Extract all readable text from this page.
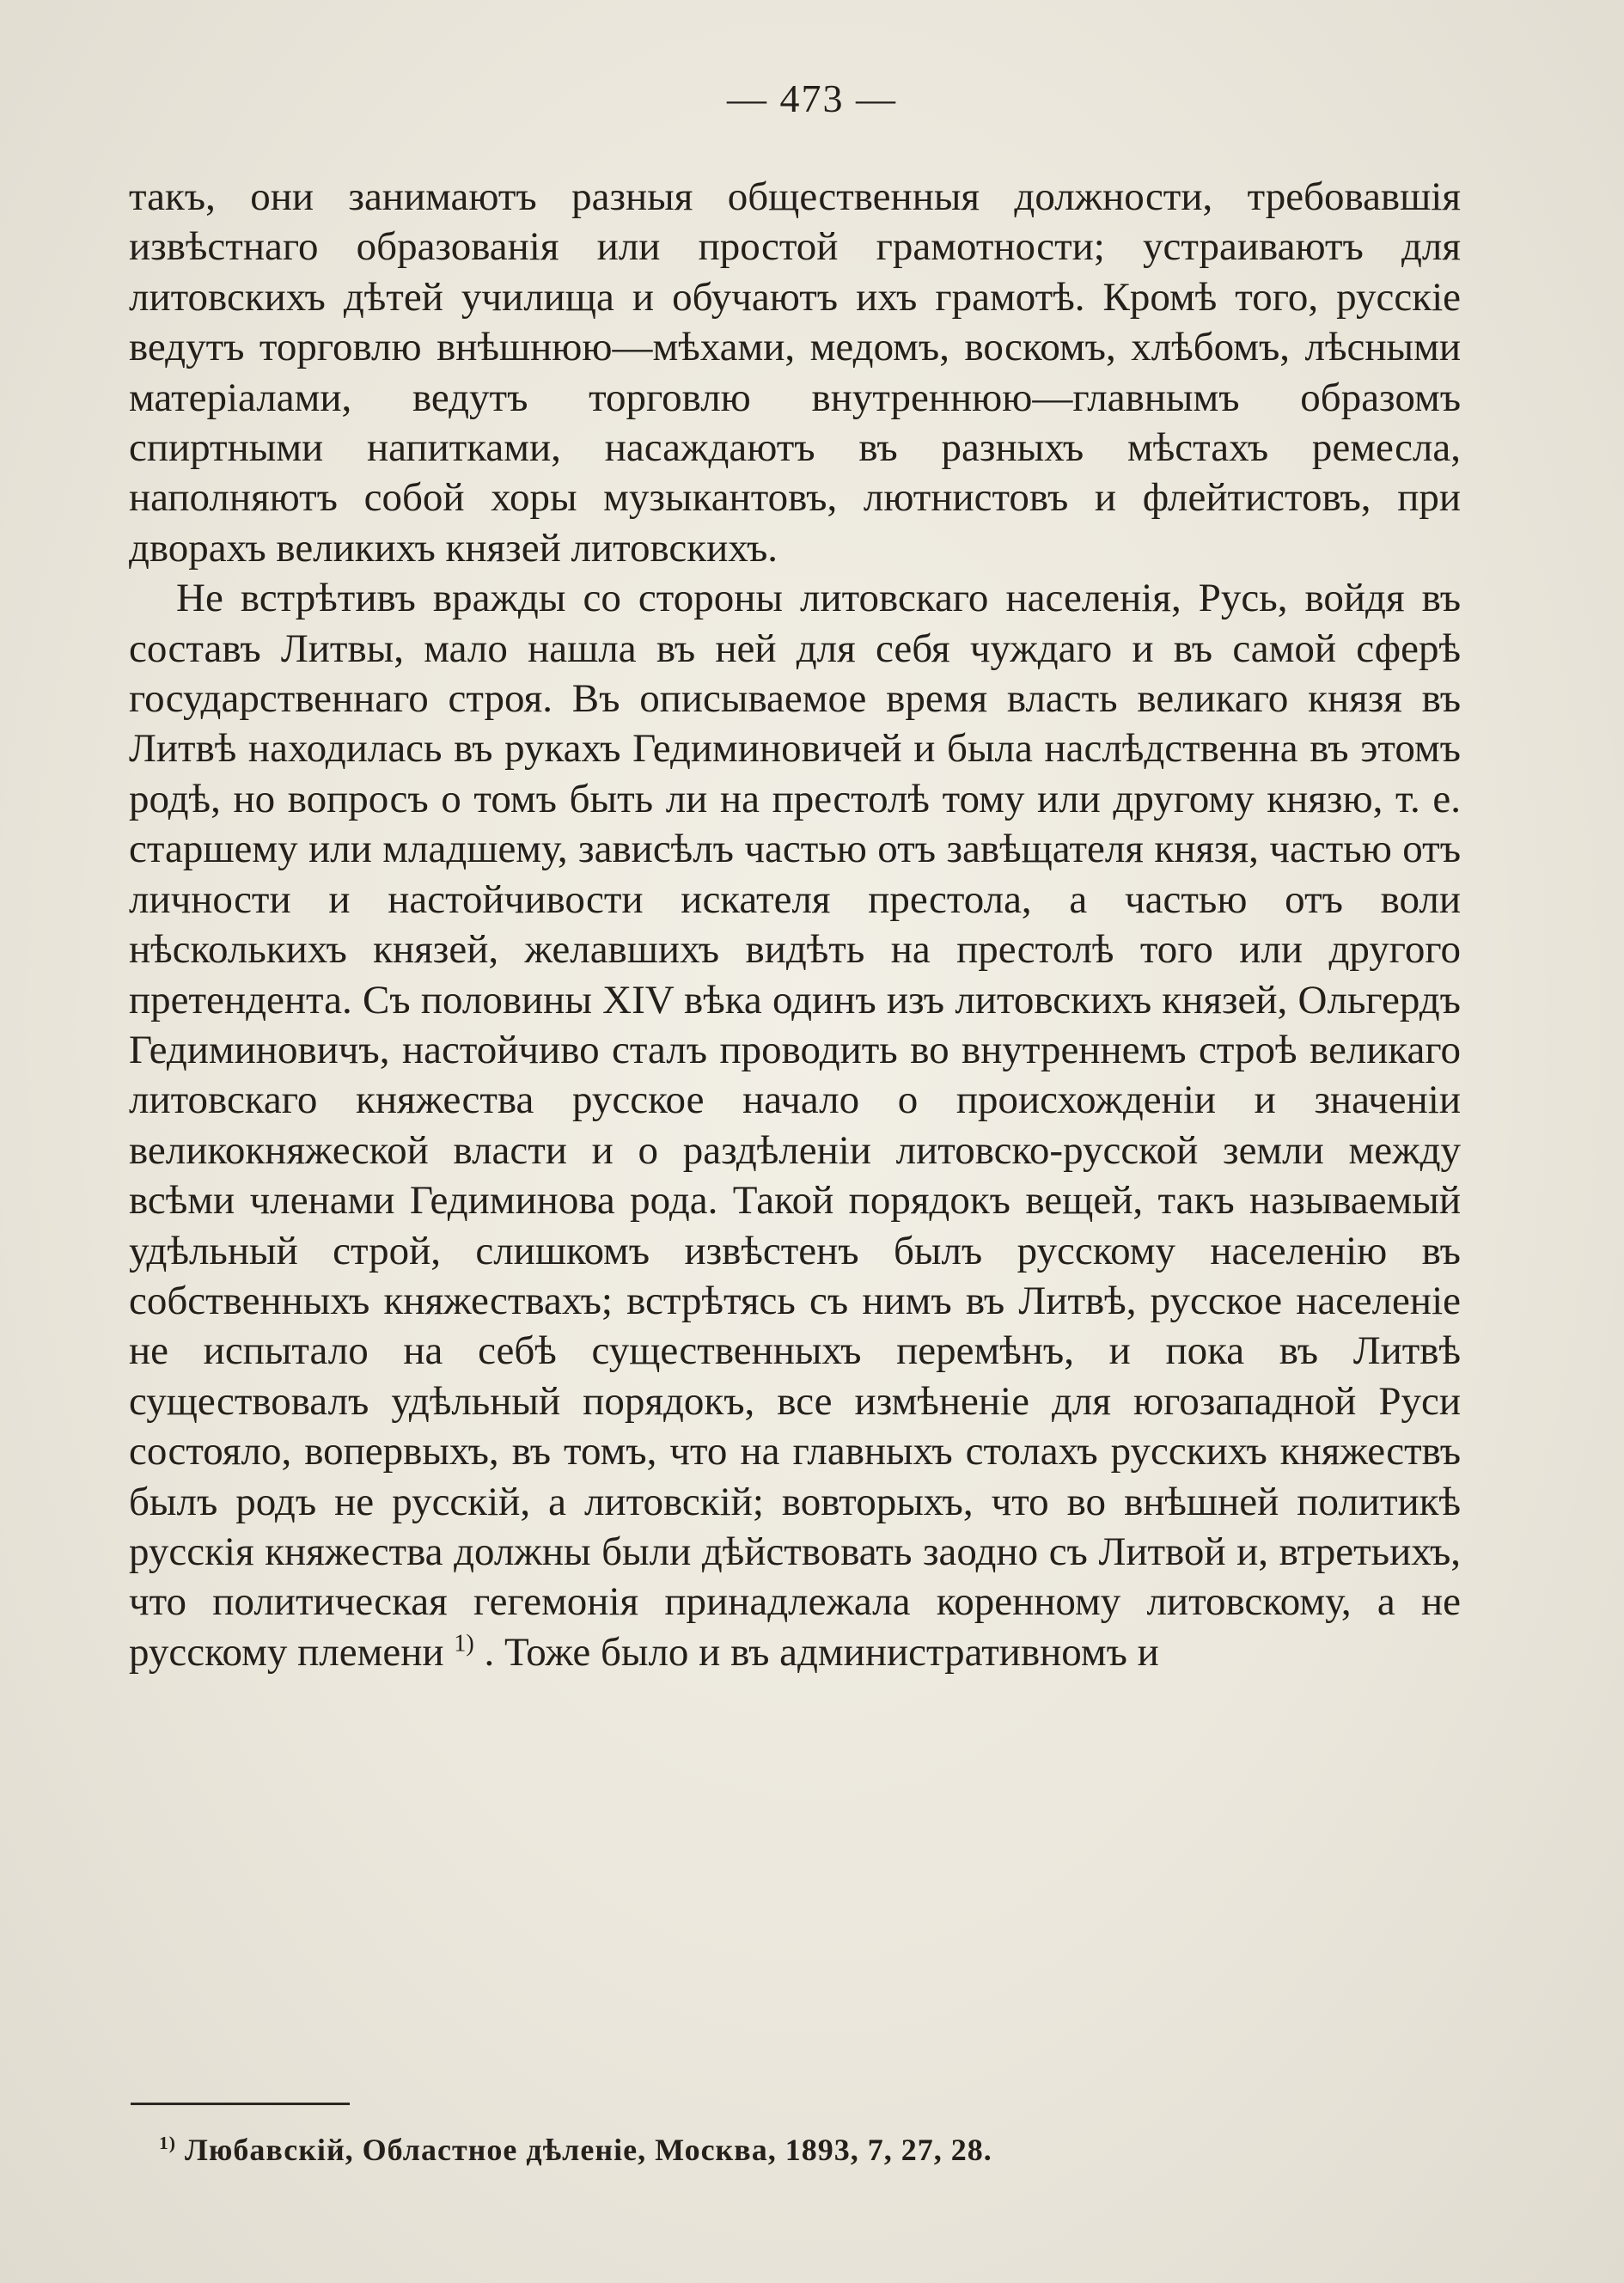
— 473 —

такъ, они занимаютъ разныя общественныя должности, требовавшія извѣстнаго образованія или простой грамотности; устраиваютъ для литовскихъ дѣтей училища и обучаютъ ихъ грамотѣ. Кромѣ того, русскіе ведутъ торговлю внѣшнюю—мѣхами, медомъ, воскомъ, хлѣбомъ, лѣсными матеріалами, ведутъ торговлю внутреннюю—главнымъ образомъ спиртными напитками, насаждаютъ въ разныхъ мѣстахъ ремесла, наполняютъ собой хоры музыкантовъ, лютнистовъ и флейтистовъ, при дворахъ великихъ князей литовскихъ.

Не встрѣтивъ вражды со стороны литовскаго населенія, Русь, войдя въ составъ Литвы, мало нашла въ ней для себя чуждаго и въ самой сферѣ государственнаго строя. Въ описываемое время власть великаго князя въ Литвѣ находилась въ рукахъ Гедиминовичей и была наслѣдственна въ этомъ родѣ, но вопросъ о томъ быть ли на престолѣ тому или другому князю, т. е. старшему или младшему, зависѣлъ частью отъ завѣщателя князя, частью отъ личности и настойчивости искателя престола, а частью отъ воли нѣсколькихъ князей, желавшихъ видѣть на престолѣ того или другого претендента. Съ половины XIV вѣка одинъ изъ литовскихъ князей, Ольгердъ Гедиминовичъ, настойчиво сталъ проводить во внутреннемъ строѣ великаго литовскаго княжества русское начало о происхожденіи и значеніи великокняжеской власти и о раздѣленіи литовско-русской земли между всѣми членами Гедиминова рода. Такой порядокъ вещей, такъ называемый удѣльный строй, слишкомъ извѣстенъ былъ русскому населенію въ собственныхъ княжествахъ; встрѣтясь съ нимъ въ Литвѣ, русское населеніе не испытало на себѣ существенныхъ перемѣнъ, и пока въ Литвѣ существовалъ удѣльный порядокъ, все измѣненіе для югозападной Руси состояло, вопервыхъ, въ томъ, что на главныхъ столахъ русскихъ княжествъ былъ родъ не русскій, а литовскій; вовторыхъ, что во внѣшней политикѣ русскія княжества должны были дѣйствовать заодно съ Литвой и, втретьихъ, что политическая гегемонія принадлежала коренному литовскому, а не русскому племени $^{1)}$ . Тоже было и въ административномъ и

$^{1)}$ Любавскій, Областное дѣленіе, Москва, 1893, 7, 27, 28.
